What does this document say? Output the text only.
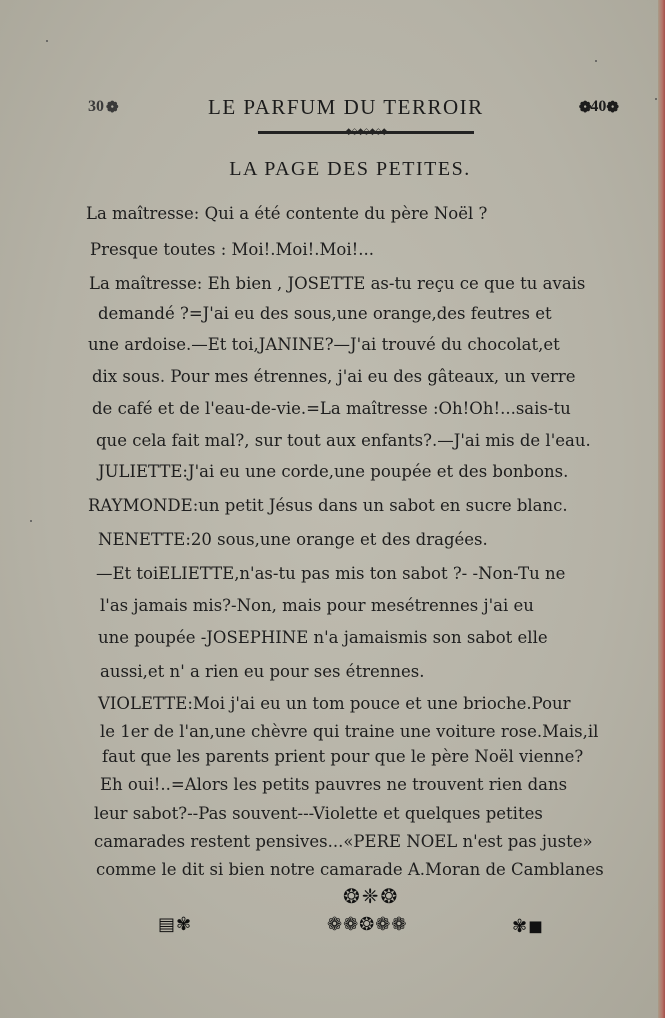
30 ❁	LE PARFUM DU TERROIR	❁ 40 ❁
◆◇◆◇◆◇◆
LA PAGE DES PETITES.
La maîtresse: Qui a été contente du père Noël ?
Presque toutes : Moi!.Moi!.Moi!...
La maîtresse: Eh bien , JOSETTE as-tu reçu ce que tu avais
demandé ?=J'ai eu des sous,une orange,des feutres et
une ardoise.—Et toi,JANINE?—J'ai trouvé du chocolat,et
dix sous. Pour mes étrennes, j'ai eu des gâteaux, un verre
de café et de l'eau-de-vie.=La maîtresse :Oh!Oh!...sais-tu
que cela fait mal?, sur tout aux enfants?.—J'ai mis de l'eau.
JULIETTE:J'ai eu une corde,une poupée et des bonbons.
RAYMONDE:un petit Jésus dans un sabot en sucre blanc.
NENETTE:20 sous,une orange et des dragées.
—Et toiELIETTE,n'as-tu pas mis ton sabot ?- -Non-Tu ne
l'as jamais mis?-Non, mais pour mesétrennes j'ai eu
une poupée -JOSEPHINE n'a jamaismis son sabot elle
aussi,et n' a rien eu pour ses étrennes.
VIOLETTE:Moi j'ai eu un tom pouce et une brioche.Pour
le 1er de l'an,une chèvre qui traine une voiture rose.Mais,il
faut que les parents prient pour que le père Noël vienne?
Eh oui!..=Alors les petits pauvres ne trouvent rien dans
leur sabot?--Pas souvent---Violette et quelques petites
camarades restent pensives...«PERE NOEL n'est pas juste»
comme le dit si bien notre camarade A.Moran de Camblanes
❂❈❂
❁❁❂❁❁
▤✾	✾◼
